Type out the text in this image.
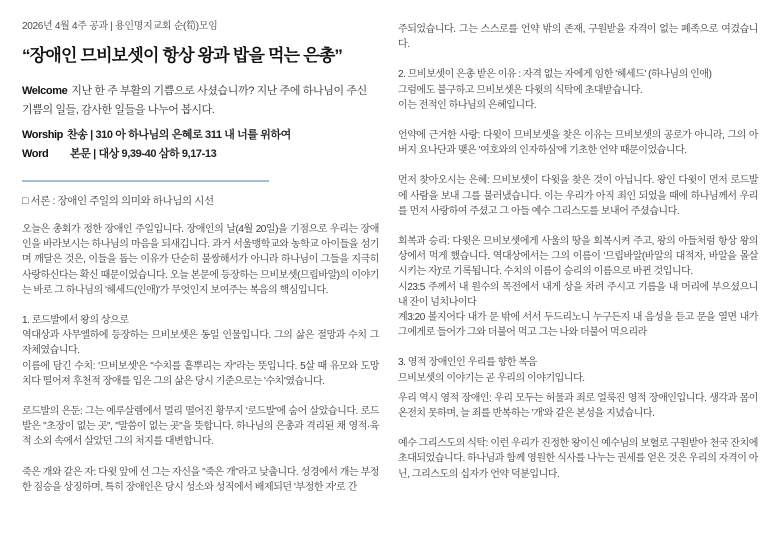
2026년 4월 4주 공과 | 용인명지교회 순(筍)모임

“장애인 므비보셋이 항상 왕과 밥을 먹는 은총”

Welcome 지난 한 주 부활의 기쁨으로 사셨습니까? 지난 주에 하나님이 주신 기쁨의 일들, 감사한 일들을 나누어 봅시다.

Worship 찬송 | 310 아 하나님의 은혜로 311 내 너를 위하여

Word 본문 | 대상 9,39-40 삼하 9,17-13

□ 서론 : 장애인 주일의 의미와 하나님의 시선

오늘은 총회가 정한 장애인 주일입니다. 장애인의 날(4월 20일)을 기점으로 우리는 장애인을 바라보시는 하나님의 마음을 되새깁니다. 과거 서울맹학교와 농학교 아이들을 섬기며 깨달은 것은, 이들을 돕는 이유가 단순히 불쌍해서가 아니라 하나님이 그들을 지극히 사랑하신다는 확신 때문이었습니다. 오늘 본문에 등장하는 므비보셋(므립바알)의 이야기는 바로 그 하나님의 '헤세드(인애)'가 무엇인지 보여주는 복음의 핵심입니다.

1. 로드발에서 왕의 상으로

역대상과 사무엘하에 등장하는 므비보셋은 동일 인물입니다. 그의 삶은 절망과 수치 그 자체였습니다.

이름에 담긴 수치: '므비보셋'은 "수치를 흩뿌리는 자"라는 뜻입니다. 5살 때 유모와 도망치다 떨어져 후천적 장애를 입은 그의 삶은 당시 기준으로는 '수치'였습니다.

로드발의 은둔: 그는 예루살렘에서 멀리 떨어진 황무지 '로드발'에 숨어 살았습니다. 로드발은 "초장이 없는 곳", "말씀이 없는 곳"을 뜻합니다. 하나님의 은총과 격리된 채 영적·육적 소외 속에서 살았던 그의 처지를 대변합니다.

죽은 개와 같은 자: 다윗 앞에 선 그는 자신을 "죽은 개"라고 낮춥니다. 성경에서 개는 부정한 짐승을 상징하며, 특히 장애인은 당시 성소와 성직에서 배제되던 '부정한 자'로 간

주되었습니다. 그는 스스로를 언약 밖의 존재, 구원받을 자격이 없는 폐족으로 여겼습니다.

2. 므비보셋이 은총 받은 이유 : 자격 없는 자에게 임한 '헤세드' (하나님의 인애)

그럼에도 불구하고 므비보셋은 다윗의 식탁에 초대받습니다.

이는 전적인 하나님의 은혜입니다.

언약에 근거한 사랑: 다윗이 므비보셋을 찾은 이유는 므비보셋의 공로가 아니라, 그의 아버지 요나단과 맺은 '여호와의 인자하심'에 기초한 언약 때문이었습니다.

먼저 찾아오시는 은혜: 므비보셋이 다윗을 찾은 것이 아닙니다. 왕인 다윗이 먼저 로드발에 사람을 보내 그를 불러냈습니다. 이는 우리가 아직 죄인 되었을 때에 하나님께서 우리를 먼저 사랑하여 주셨고 그 아들 예수 그리스도를 보내어 주셨습니다.

회복과 승리: 다윗은 므비보셋에게 사울의 땅을 회복시켜 주고, 왕의 아들처럼 항상 왕의 상에서 먹게 했습니다. 역대상에서는 그의 이름이 '므립바알(바알의 대적자, 바알을 몰살시키는 자)'로 기록됩니다. 수치의 이름이 승리의 이름으로 바뀐 것입니다.

시23:5 주께서 내 원수의 목전에서 내게 상을 차려 주시고 기름을 내 머리에 부으셨으니 내 잔이 넘치나이다

계3:20 볼지어다 내가 문 밖에 서서 두드리노니 누구든지 내 음성을 듣고 문을 열면 내가 그에게로 들어가 그와 더불어 먹고 그는 나와 더불어 먹으리라

3. 영적 장애인인 우리를 향한 복음

므비보셋의 이야기는 곧 우리의 이야기입니다.

우리 역시 영적 장애인: 우리 모두는 허물과 죄로 얼룩진 영적 장애인입니다. 생각과 몸이 온전치 못하며, 늘 죄를 반복하는 '개'와 같은 본성을 지녔습니다.

예수 그리스도의 식탁: 이런 우리가 진정한 왕이신 예수님의 보혈로 구원받아 천국 잔치에 초대되었습니다. 하나님과 함께 영원한 식사를 나누는 권세를 얻은 것은 우리의 자격이 아닌, 그리스도의 십자가 언약 덕분입니다.
